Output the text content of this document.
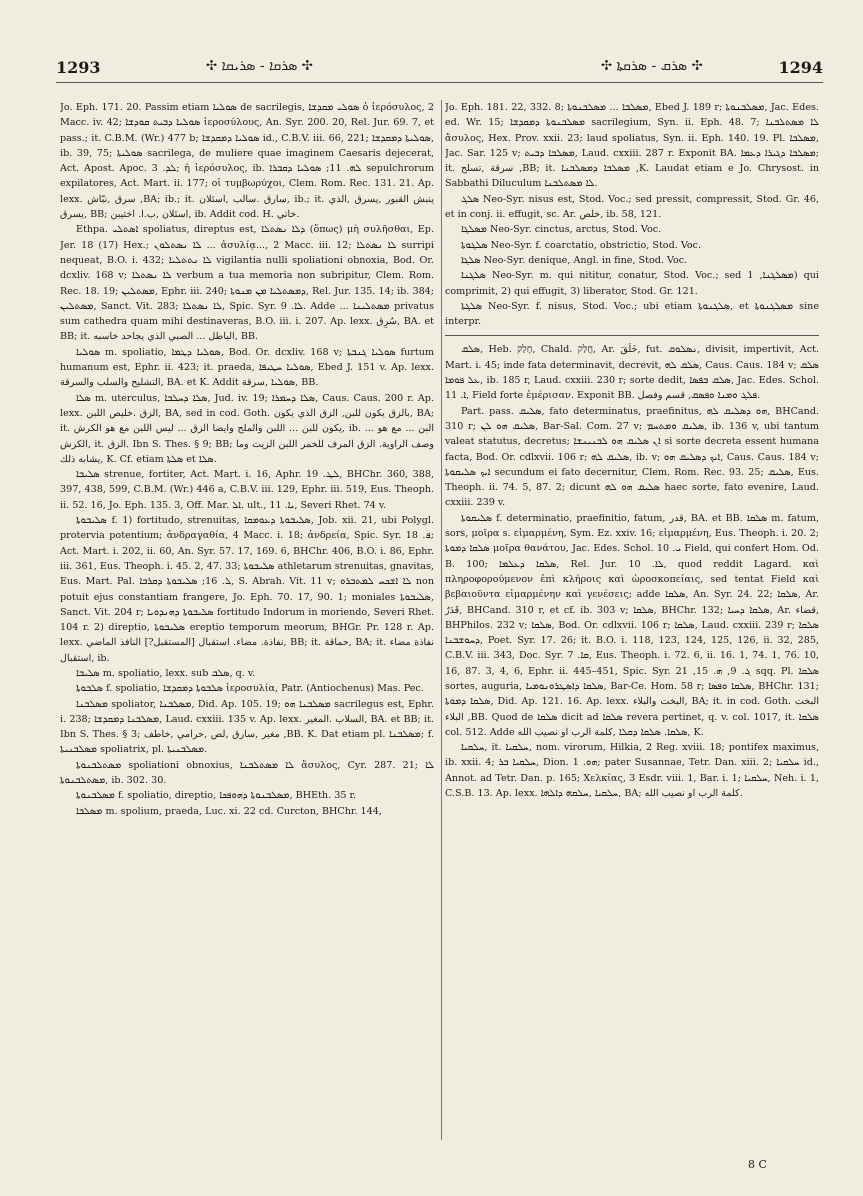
1293	✣ ܣܪܩܐ - ܣܪܝܩܐ ✣	✣ ܣܪܩ - ܣܪܩܬܐ ✣	1294

Jo. Eph. 171. 20. Passim etiam ܣܘܠܝܐ de sacrilegis, ܣܘܠܝ ܡܩܕܫܐ ὁ ἱερόσυλος, 2 Macc. iv. 42; ܣܘܠܝܐ ܕܒܝܬ ܩܘܕܫܐ ἱεροσύλους, An. Syr. 200. 20, Rel. Jur. 69. 7, et pass.; it. C.B.M. (Wr.) 477 b; ܣܘܠܝܐ ܕܡܩܕܫܐ id., C.B.V. iii. 66, 221; ܣܘܠܝܬܐ ܕܡܩܕܫܐ, ib. 39, 75; ܣܘܠܝܬܐ sacrilega, de muliere quae imaginem Caesaris dejecerat, Act. Apost. Apoc. ܠܕ. 3; ἡ ἱερόσυλος, ib. ܠܗ. 11; ܣܘܠܝܐ ܕܩܒܪܐ sepulchrorum expilatores, Act. Mart. ii. 177; οἱ τυμβωρύχοι, Clem. Rom. Rec. 131. 21. Ap. lexx. سرق ,نبّاش ,BA; ib.; it. سارق .سالب ,اسئلان, ib.; it. ينبش القبور ,يسرق ,الذي يسرق, BB; اسئلان ,ب.ا. اختيبن, ib. Addit cod. H. خاتي.

Ethpa. ܐܣܬܠܝ spoliatus, direptus est, ܕܠܐ ܢܣܬܠܐ (ὅπως) μὴ συλῆσθαι, Ep. Jer. 18 (17) Hex.; ܠܐ ܢܣܬܠܘܢ ... ἀσυλίᾳ..., 2 Macc. iii. 12; ܠܐ ܢܣܬܠܐ surripi nequeat, B.O. i. 432; ܠܐ ܢܬܬܠܝܐ vigilantia nulli spoliationi obnoxia, Bod. Or. dcxliv. 168 v; ܠܐ ܢܣܬܠܐ verbum a tua memoria non subripitur, Clem. Rom. Rec. 18. 19; ܡܣܬܠܝܢ, Ephr. iii. 240; ܕܡܣܬܠܝܐ ܡܢ ܡܢܘܬܐ, Rel. Jur. 135. 14; ib. 384; ܡܣܬܠܝܢ, Sanct. Vit. 283; ܠܐ ܢܣܬܠܐ, Spic. Syr. ܠܐ. 9. Adde ... ܡܣܬܠܝܢܐ privatus sum cathedra quam mihi destinaveras, B.O. iii. i. 207. Ap. lexx. سُرِق, BA. et BB; it. الباطل ... الصبي الذي يجاحد خاسبه, BB.

ܣܘܠܝܐ m. spoliatio, ܣܘܠܝܐ ܕܛܡܐ, Bod. Or. dcxliv. 168 v; ܣܘܠܝܐ ܓܢܒܬܐ furtum humanum est, Ephr. ii. 423; it. praeda, ܣܘܠܝܐ ܚܛܝܦܐ, Ebed J. 151 v. Ap. lexx. التشليح والسلب والسرقة, BA. et K. Addit ܣܘܠܝܐ ,سرقة, BB.

ܣܠܐ m. uterculus, ܣܠܐ ܕܚܠܒܐ, Jud. iv. 19; ܣܠܐ ܕܚܡܪܐ, Caus. Caus. 200 r. Ap. lexx. الزق .خليص اللبن, BA, sed in cod. Goth. بالزق يكون للبن, الزق الذي يكون, BA; it. يكون للبن ... اللبن والملح وايضا الزق ... ليس اللبن مع هو الكرش, ib. ... البن ... مع هو الكرش, it. الزق. Ibn S. Thes. § 9; BB; وصف الراوية. الزق المرف للخمر اللبن الزيت وما يشابه ذلك, K. Cf. etiam ܣܠܬܐ et ܣܠܐ.

ܣܠܝܒܐ strenue, fortiter, Act. Mart. i. 16, Aphr. ܠܛ. 19, BHChr. 360, 388, 397, 438, 599, C.B.M. (Wr.) 446 a, C.B.V. iii. 129, Ephr. iii. 519, Eus. Theoph. ii. 52. 16, Jo. Eph. 135. 3, Off. Mar. ܐܠ. ult., ܝܐ. 11, Severi Rhet. 74 v.

ܣܠܝܒܘܬܐ f. 1) fortitudo, strenuitas, ܣܠܝܒܘܬܐ ܕܥܘܡܩܐ, Job. xii. 21, ubi Polygl. protervia potentium; ἀνδραγαθία, 4 Macc. i. 18; ἀνδρεία, Spic. Syr. ܦ. 18; Act. Mart. i. 202, ii. 60, An. Syr. 57. 17, 169. 6, BHChr. 406, B.O. i. 86, Ephr. iii. 361, Eus. Theoph. i. 45. 2, 47. 33; ܣܠܝܒܘܬܐ athletarum strenuitas, gnavitas, Eus. Mart. Pal. ܠ. 16; ܣܠܝܒܘܬܐ ܕܩܪܒܐ, S. Abrah. Vit. 11 v; ܠܐ ܐܫܟܚ ܠܡܬܒܪܘ non potuit ejus constantiam frangere, Jo. Eph. 70. 17, 90. 1; moniales ܣܠܝܒܘܬܐ, Sanct. Vit. 204 r; ܣܠܝܒܘܬܐ ܕܗܢܕܘܝܐ fortitudo Indorum in moriendo, Severi Rhet. 104 r. 2) direptio, ܣܠܝܒܘܬܐ ereptio temporum meorum, BHGr. Pr. 128 r. Ap. lexx. نفاذة. مضاء. استقبال [المستقبل?] النافذ الماضي, BB; it. حماقة, BA; it. نفاذة مضاء استقبال, ib.

ܣܠܝܒܐ m. spoliatio, lexx. sub ܣܠܒ, q. v.

ܣܠܒܘܬܐ f. spoliatio, ܣܠܒܘܬܐ ܕܡܩܕܫܐ ἱεροσυλία, Patr. (Antiochenus) Mas. Pec.

ܡܣܠܒܢܐ spoliator, ܡܣܠܒܢܐ, Did. Ap. 105. 19; ܡܣܠܒܢܐ ܗܘ sacrilegus est, Ephr. i. 238; ܡܣܠܒܢܐ ܕܡܩܕܫܐ, Laud. cxxiii. 135 v. Ap. lexx. السلاب .المغير, BA. et BB; it. Ibn S. Thes. § 3; مغير ,سارق ,لص ,حرامي ,خاطف ,BB. K. Dat etiam pl. ܡܣܠܒܢܐ; f. ܡܣܠܒܢܝܬܐ spoliatrix, pl. ܡܣܠܒܢܝܬܐ.

ܡܣܬܠܒܢܘܬܐ spoliationi obnoxius, ܠܐ ܡܣܬܠܒܢܐ ἄσυλος, Cyr. 287. 21; ܠܐ ܡܣܬܠܒܢܘܬܐ, ib. 302. 30.

ܡܣܠܒܢܘܬܐ f. spoliatio, direptio, ܡܣܠܒܢܘܬܐ ܕܗܘܦܟܐ, BHEth. 35 r.

ܡܣܠܒܐ m. spolium, praeda, Luc. xi. 22 cd. Curcton, BHChr. 144,

Jo. Eph. 181. 22, 332. 8; ܡܣܠܒܐ ... ܡܣܠܒܢܘܬܐ, Ebed J. 189 r; ܡܣܠܒܢܘܬܐ, Jac. Edes. ed. Wr. 15; ܡܣܠܒܢܘܬܐ ܕܡܩܕܫܐ sacrilegium, Syn. ii. Eph. 48. 7; ܠܐ ܡܣܬܠܒܢܐ ἄσυλος, Hex. Prov. xxii. 23; laud spoliatus, Syn. ii. Eph. 140. 19. Pl. ܡܣܠܒܐ, Jac. Sar. 125 v; ܡܣܠܒܐ ܕܒܝܬ, Laud. cxxiii. 287 r. Exponit BA. ܡܣܠܒܐ ܕܓܝܪܐ ܕܥܡܐ; it. سرقة ,تسلح ,BB; it. ܡܣܠܒܐ ܕܡܣܠܒܢܐ ,K. Laudat etiam e Jo. Chrysost. in Sabbathi Diluculum ܠܐ ܡܣܬܠܒܢܐ.

ܣܠܓ Neo-Syr. nisus est, Stod. Voc.; sed pressit, compressit, Stod. Gr. 46, et in conj. ii. effugit, sc. Ar. خلص, ib. 58, 121.

ܡܣܠܓܐ Neo-Syr. cinctus, arctus, Stod. Voc.

ܣܠܓܘܬܐ Neo-Syr. f. coarctatio, obstrictio, Stod. Voc.

ܣܠܓܐ Neo-Syr. denique, Angl. in fine, Stod. Voc.

ܣܠܓܢܐ Neo-Syr. m. qui nititur, conatur, Stod. Voc.; sed ܡܣܠܓܢܐ, 1) qui comprimit, 2) qui effugit, 3) liberator, Stod. Gr. 121.

ܣܠܓܬܐ Neo-Syr. f. nisus, Stod. Voc.; ubi etiam ܣܠܓܢܘܬܐ, et ܡܣܠܓܢܘܬܐ sine interpr.

ܣܠܩ, Heb. חָלַק, Chald. חֲלַק, Ar. خَلَقَ, fut. ܢܣܠܘܩ, divisit, impertivit, Act. Mart. i. 45; inde fata determinavit, decrevit, ܣܠܩ ܠܗ, Caus. Caus. 184 v; ܣܠܩ ܥܠ ܦܘܡܐ, ib. 185 r, Laud. cxxiii. 230 r; sorte dedit, ܣܠܩ ܒܦܣܐ, Jac. Edes. Schol. ܐ. 11, Field forte ἐμέρισαν. Exponit BB. ܦܠܓ ܘܡܢܐ ܘܦܣܩ, قسم وفصل.

Part. pass. ܣܠܝܩ, fato determinatus, praefinitus, ܗܘ ܕܣܠܝܩ ܠܗ, BHCand. 310 r; ܣܠܝܩ ܗܘ ܠܢ, Bar-Sal. Com. 27 v; ܣܠܝܩ ܘܡܬܚܡ, ib. 136 v, ubi tantum valeat statutus, decretus; ܐܢ ܣܠܝܩ ܗܘ ܠܒܢܝܢܫܐ si sorte decreta essent humana facta, Bod. Or. cdlxvii. 106 r; ܣܠܝܩ ܠܗ, ib. v; ܐܝܟ ܕܣܠܝܩ ܗܘ, Caus. Caus. 184 v; ܐܝܟ ܣܠܝܩܘܬܐ secundum ei fato decernitur, Clem. Rom. Rec. 93. 25; ܣܠܝܩ, Eus. Theoph. ii. 74. 5, 87. 2; dicunt ܣܠܝܩ ܗܘ ܠܗ haec sorte, fato evenire, Laud. cxxiii. 239 v.

ܣܠܝܩܘܬܐ f. determinatio, praefinitio, fatum, قدر, BA. et BB. ܣܠܩܐ m. fatum, sors, μοῖρα s. εἱμαρμένη, Sym. Ez. xxiv. 16; εἱμαρμένη, Eus. Theoph. i. 20. 2; ܣܠܩܐ ܕܡܘܬܐ μοῖρα θανάτου, Jac. Edes. Schol. ܝ. 10 Field, qui confert Hom. Od. B. 100; ܣܠܩܐ ܕܥܠܡܐ, Rel. Jur. ܠܐ. 10, quod reddit Lagard. καὶ πληροφορούμενον ἐπὶ κλήροις καὶ ὡροσκοπείαις, sed tentat Field καὶ βεβαιοῦντα εἱμαρμένην καὶ γενέσεις; adde ܣܠܩܐ, An. Syr. 24. 22; ܣܠܩܐ, Ar. قَدَرٌ, BHCand. 310 r, et cf. ib. 303 v; ܣܠܩܐ, BHChr. 132; ܣܠܩܐ ܕܚܝܐ, Ar. قضاء, BHPhilos. 232 v; ܣܠܩܐ, Bod. Or. cdlxvii. 106 r; ܣܠܩܐ, Laud. cxxiii. 239 r; ܣܠܩܐ ܕܚܘܫܒܢܐ, Poet. Syr. 17. 26; it. B.O. i. 118, 123, 124, 125, 126, ii. 32, 285, C.B.V. iii. 343, Doc. Syr. ܩܐ. 7, Eus. Theoph. i. 72. 6, ii. 16. 1, 74. 1, 76. 10, 16, 87. 3, 4, 6, Ephr. ii. 445–451, Spic. Syr. ܓ. 9, ܗ. 15, 21 sqq. Pl. ܣܠܩܐ sortes, auguria, ܣܠܩܐ ܕܐܣܛܪܘܢܘܡܝܐ, Bar-Ce. Hom. 58 r; ܣܠܩܐ ܘܦܣܐ, BHChr. 131; ܣܠܩܐ ܕܡܘܬܐ, Did. Ap. 121. 16. Ap. lexx. البخت والبلاء, BA; it. in cod. Goth. البخت البلاء ,BB. Quod de ܣܠܩܐ dicit ad ܣܠܩܐ revera pertinet, q. v. col. 1017, it. ܣܠܩܐ col. 512. Adde ܣܠܩܐ. ܣܠܩܐ ܕܩܠܐ ,كلمة الرب او نصيب الله, K.

ܚܠܩܝܐ, it. ܚܠܩܝܐ, nom. virorum, Hilkia, 2 Reg. xviii. 18; pontifex maximus, ib. xxii. 4; ܚܠܩܝܐ ܒܪ, Dion. ܗܘ. 1; pater Susannae, Tetr. Dan. xiii. 2; ܚܠܩܝܐ id., Annot. ad Tetr. Dan. p. 165; Χελκίας, 3 Esdr. viii. 1, Bar. i. 1; ܚܠܩܝܐ, Neh. i. 1, C.S.B. 13. Ap. lexx. ܚܠܩܝܐ ,ܚܠܩܗ ܕܐܠܗܐ, BA; كلمة الرب او نصيب الله.

8 C
